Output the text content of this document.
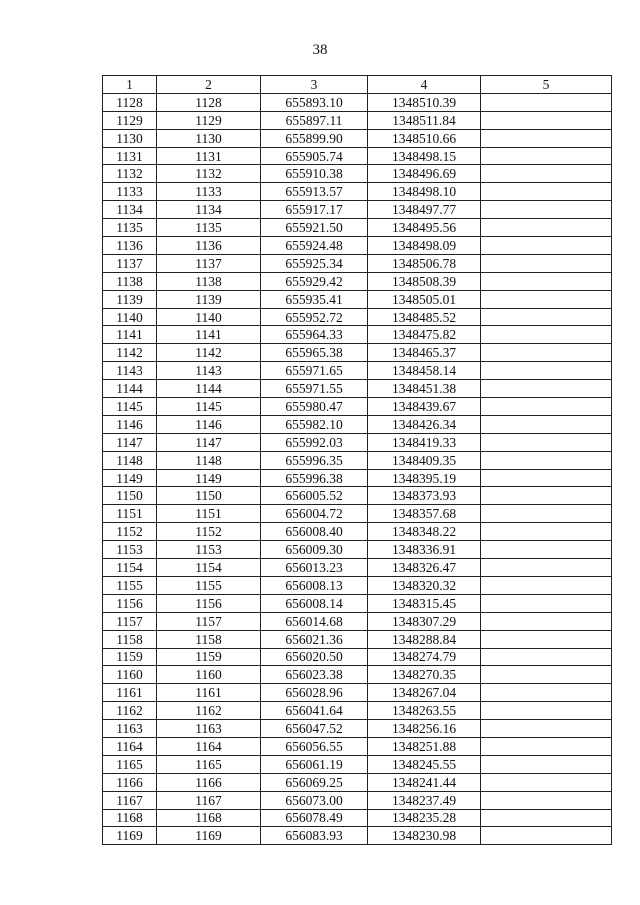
38
1	2	3	4	5
1128	1128	655893.10	1348510.39	
1129	1129	655897.11	1348511.84	
1130	1130	655899.90	1348510.66	
1131	1131	655905.74	1348498.15	
1132	1132	655910.38	1348496.69	
1133	1133	655913.57	1348498.10	
1134	1134	655917.17	1348497.77	
1135	1135	655921.50	1348495.56	
1136	1136	655924.48	1348498.09	
1137	1137	655925.34	1348506.78	
1138	1138	655929.42	1348508.39	
1139	1139	655935.41	1348505.01	
1140	1140	655952.72	1348485.52	
1141	1141	655964.33	1348475.82	
1142	1142	655965.38	1348465.37	
1143	1143	655971.65	1348458.14	
1144	1144	655971.55	1348451.38	
1145	1145	655980.47	1348439.67	
1146	1146	655982.10	1348426.34	
1147	1147	655992.03	1348419.33	
1148	1148	655996.35	1348409.35	
1149	1149	655996.38	1348395.19	
1150	1150	656005.52	1348373.93	
1151	1151	656004.72	1348357.68	
1152	1152	656008.40	1348348.22	
1153	1153	656009.30	1348336.91	
1154	1154	656013.23	1348326.47	
1155	1155	656008.13	1348320.32	
1156	1156	656008.14	1348315.45	
1157	1157	656014.68	1348307.29	
1158	1158	656021.36	1348288.84	
1159	1159	656020.50	1348274.79	
1160	1160	656023.38	1348270.35	
1161	1161	656028.96	1348267.04	
1162	1162	656041.64	1348263.55	
1163	1163	656047.52	1348256.16	
1164	1164	656056.55	1348251.88	
1165	1165	656061.19	1348245.55	
1166	1166	656069.25	1348241.44	
1167	1167	656073.00	1348237.49	
1168	1168	656078.49	1348235.28	
1169	1169	656083.93	1348230.98	
